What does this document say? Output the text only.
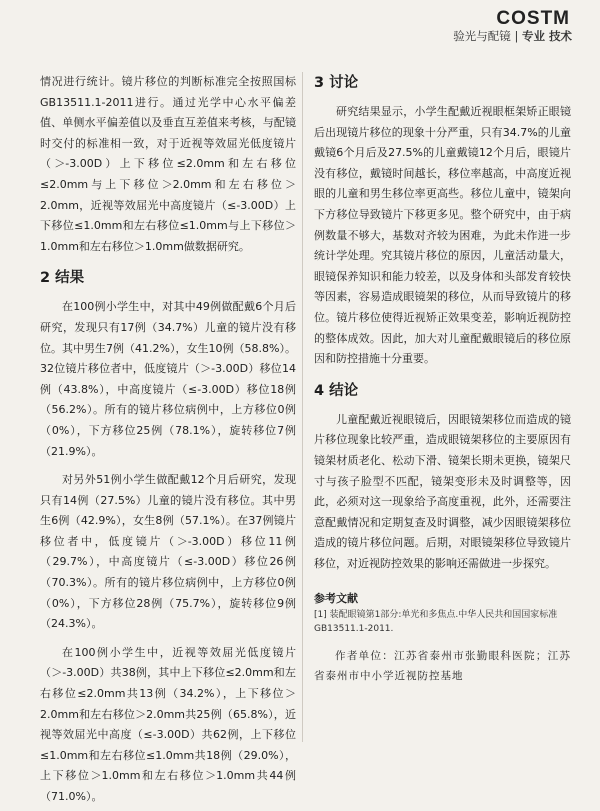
COSTM
验光与配镜 | 专业 技术

情况进行统计。镜片移位的判断标准完全按照国标GB13511.1-2011进行。通过光学中心水平偏差值、单侧水平偏差值以及垂直互差值来考核，与配镜时交付的标准相一致，对于近视等效屈光低度镜片（＞-3.00D）上下移位≤2.0mm和左右移位≤2.0mm与上下移位＞2.0mm和左右移位＞2.0mm，近视等效屈光中高度镜片（≤-3.00D）上下移位≤1.0mm和左右移位≤1.0mm与上下移位＞1.0mm和左右移位＞1.0mm做数据研究。

2 结果

在100例小学生中，对其中49例做配戴6个月后研究，发现只有17例（34.7%）儿童的镜片没有移位。其中男生7例（41.2%），女生10例（58.8%）。32位镜片移位者中，低度镜片（＞-3.00D）移位14例（43.8%），中高度镜片（≤-3.00D）移位18例（56.2%）。所有的镜片移位病例中，上方移位0例（0%），下方移位25例（78.1%），旋转移位7例（21.9%）。

对另外51例小学生做配戴12个月后研究，发现只有14例（27.5%）儿童的镜片没有移位。其中男生6例（42.9%），女生8例（57.1%）。在37例镜片移位者中，低度镜片（＞-3.00D）移位11例（29.7%），中高度镜片（≤-3.00D）移位26例（70.3%）。所有的镜片移位病例中，上方移位0例（0%），下方移位28例（75.7%），旋转移位9例（24.3%）。

在100例小学生中，近视等效屈光低度镜片（＞-3.00D）共38例，其中上下移位≤2.0mm和左右移位≤2.0mm共13例（34.2%），上下移位＞2.0mm和左右移位＞2.0mm共25例（65.8%），近视等效屈光中高度（≤-3.00D）共62例，上下移位≤1.0mm和左右移位≤1.0mm共18例（29.0%），上下移位＞1.0mm和左右移位＞1.0mm共44例（71.0%）。

3 讨论

研究结果显示，小学生配戴近视眼框架矫正眼镜后出现镜片移位的现象十分严重，只有34.7%的儿童戴镜6个月后及27.5%的儿童戴镜12个月后，眼镜片没有移位，戴镜时间越长，移位率越高，中高度近视眼的儿童和男生移位率更高些。移位儿童中，镜架向下方移位导致镜片下移更多见。整个研究中，由于病例数量不够大，基数对齐较为困难，为此未作进一步统计学处理。究其镜片移位的原因，儿童活动量大，眼镜保养知识和能力较差，以及身体和头部发育较快等因素，容易造成眼镜架的移位，从而导致镜片的移位。镜片移位使得近视矫正效果变差，影响近视防控的整体成效。因此，加大对儿童配戴眼镜后的移位原因和防控措施十分重要。

4 结论

儿童配戴近视眼镜后，因眼镜架移位而造成的镜片移位现象比较严重，造成眼镜架移位的主要原因有镜架材质老化、松动下滑、镜架长期未更换，镜架尺寸与孩子脸型不匹配，镜架变形未及时调整等，因此，必须对这一现象给予高度重视，此外，还需要注意配戴情况和定期复查及时调整，减少因眼镜架移位造成的镜片移位问题。后期，对眼镜架移位导致镜片移位，对近视防控效果的影响还需做进一步探究。

参考文献
[1] 装配眼镜第1部分:单光和多焦点.中华人民共和国国家标准
GB13511.1-2011.

作者单位：江苏省泰州市张勤眼科医院；江苏省泰州市中小学近视防控基地
